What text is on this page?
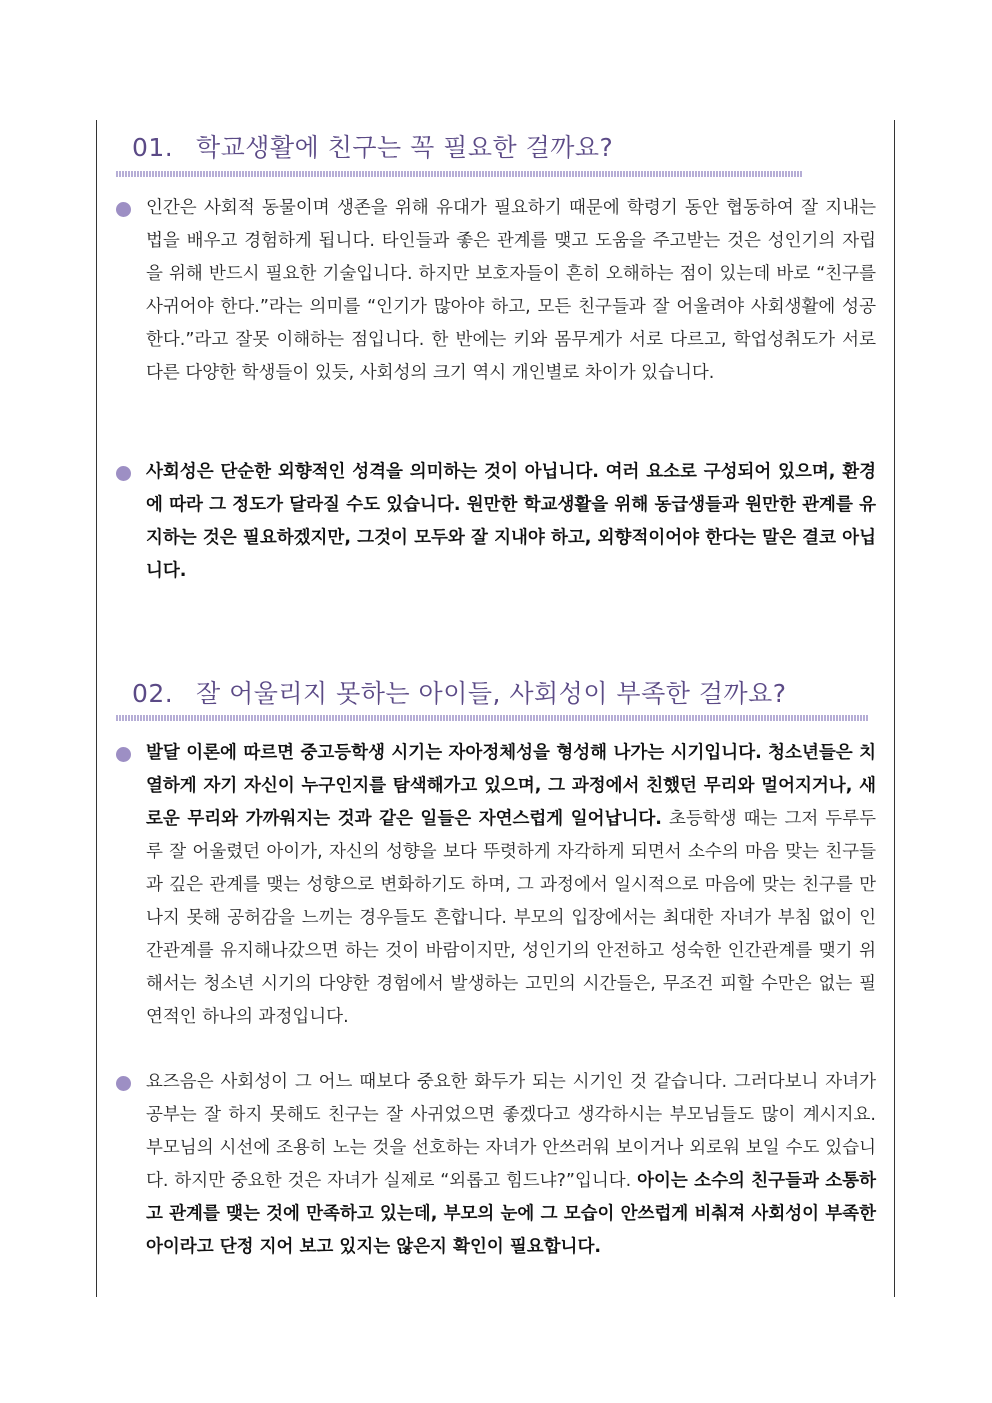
01. 학교생활에 친구는 꼭 필요한 걸까요?

인간은 사회적 동물이며 생존을 위해 유대가 필요하기 때문에 학령기 동안 협동하여 잘 지내는 법을 배우고 경험하게 됩니다. 타인들과 좋은 관계를 맺고 도움을 주고받는 것은 성인기의 자립을 위해 반드시 필요한 기술입니다. 하지만 보호자들이 흔히 오해하는 점이 있는데 바로 “친구를 사귀어야 한다.”라는 의미를 “인기가 많아야 하고, 모든 친구들과 잘 어울려야 사회생활에 성공한다.”라고 잘못 이해하는 점입니다. 한 반에는 키와 몸무게가 서로 다르고, 학업성취도가 서로 다른 다양한 학생들이 있듯, 사회성의 크기 역시 개인별로 차이가 있습니다.

사회성은 단순한 외향적인 성격을 의미하는 것이 아닙니다. 여러 요소로 구성되어 있으며, 환경에 따라 그 정도가 달라질 수도 있습니다. 원만한 학교생활을 위해 동급생들과 원만한 관계를 유지하는 것은 필요하겠지만, 그것이 모두와 잘 지내야 하고, 외향적이어야 한다는 말은 결코 아닙니다.

02. 잘 어울리지 못하는 아이들, 사회성이 부족한 걸까요?

발달 이론에 따르면 중고등학생 시기는 자아정체성을 형성해 나가는 시기입니다. 청소년들은 치열하게 자기 자신이 누구인지를 탐색해가고 있으며, 그 과정에서 친했던 무리와 멀어지거나, 새로운 무리와 가까워지는 것과 같은 일들은 자연스럽게 일어납니다. 초등학생 때는 그저 두루두루 잘 어울렸던 아이가, 자신의 성향을 보다 뚜렷하게 자각하게 되면서 소수의 마음 맞는 친구들과 깊은 관계를 맺는 성향으로 변화하기도 하며, 그 과정에서 일시적으로 마음에 맞는 친구를 만나지 못해 공허감을 느끼는 경우들도 흔합니다. 부모의 입장에서는 최대한 자녀가 부침 없이 인간관계를 유지해나갔으면 하는 것이 바람이지만, 성인기의 안전하고 성숙한 인간관계를 맺기 위해서는 청소년 시기의 다양한 경험에서 발생하는 고민의 시간들은, 무조건 피할 수만은 없는 필연적인 하나의 과정입니다.

요즈음은 사회성이 그 어느 때보다 중요한 화두가 되는 시기인 것 같습니다. 그러다보니 자녀가 공부는 잘 하지 못해도 친구는 잘 사귀었으면 좋겠다고 생각하시는 부모님들도 많이 계시지요. 부모님의 시선에 조용히 노는 것을 선호하는 자녀가 안쓰러워 보이거나 외로워 보일 수도 있습니다. 하지만 중요한 것은 자녀가 실제로 “외롭고 힘드냐?”입니다. 아이는 소수의 친구들과 소통하고 관계를 맺는 것에 만족하고 있는데, 부모의 눈에 그 모습이 안쓰럽게 비춰져 사회성이 부족한 아이라고 단정 지어 보고 있지는 않은지 확인이 필요합니다.
